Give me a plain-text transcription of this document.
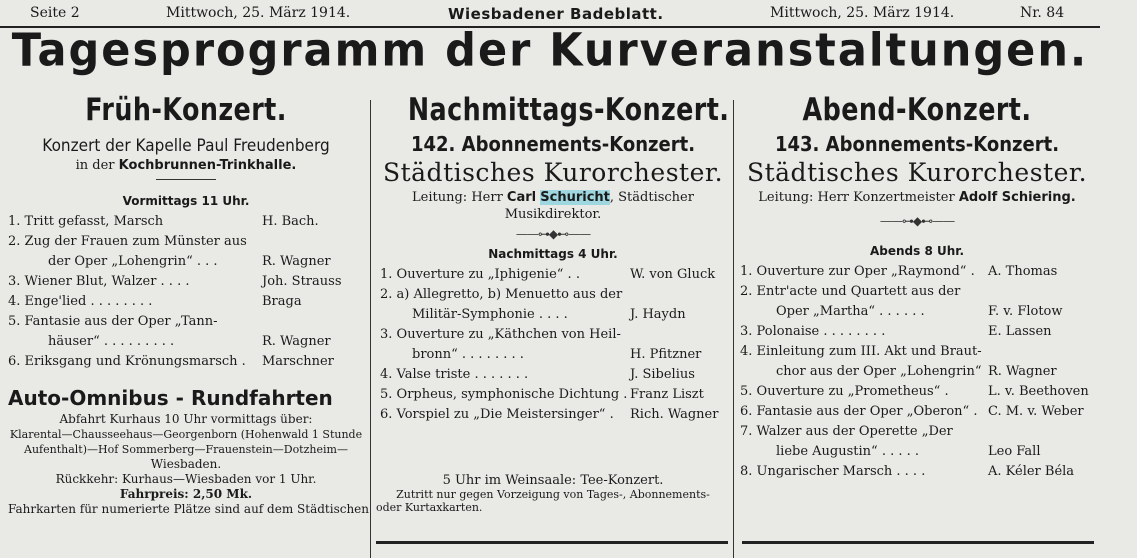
Seite 2	Mittwoch, 25. März 1914.	Wiesbadener Badeblatt.	Mittwoch, 25. März 1914.	Nr. 84
Tagesprogramm der Kurveranstaltungen.
Früh-Konzert.
Konzert der Kapelle Paul Freudenberg
in der Kochbrunnen-Trinkhalle.
Vormittags 11 Uhr.
1. Tritt gefasst, Marsch	H. Bach.
2. Zug der Frauen zum Münster aus
der Oper „Lohengrin“ . . .	R. Wagner
3. Wiener Blut, Walzer . . . .	Joh. Strauss
4. Enge'lied . . . . . . . .	Braga
5. Fantasie aus der Oper „Tann-
häuser“ . . . . . . . . .	R. Wagner
6. Eriksgang und Krönungsmarsch . Marschner
Auto-Omnibus - Rundfahrten
Abfahrt Kurhaus 10 Uhr vormittags über:
Klarental—Chausseehaus—Georgenborn (Hohenwald 1 Stunde
Aufenthalt)—Hof Sommerberg—Frauenstein—Dotzheim—
Wiesbaden.
Rückkehr: Kurhaus—Wiesbaden vor 1 Uhr.
Fahrpreis: 2,50 Mk.
Fahrkarten für numerierte Plätze sind auf dem Städtischen
Nachmittags-Konzert.
142. Abonnements-Konzert.
Städtisches Kurorchester.
Leitung: Herr Carl Schuricht, Städtischer
Musikdirektor.
——⊶◆⊷——
Nachmittags 4 Uhr.
1. Ouverture zu „Iphigenie“ . .	W. von Gluck
2. a) Allegretto, b) Menuetto aus der
Militär-Symphonie . . . .	J. Haydn
3. Ouverture zu „Käthchen von Heil-
bronn“ . . . . . . . .	H. Pfitzner
4. Valse triste . . . . . . .	J. Sibelius
5. Orpheus, symphonische Dichtung . Franz Liszt
6. Vorspiel zu „Die Meistersinger“ . Rich. Wagner
5 Uhr im Weinsaale: Tee-Konzert.
Zutritt nur gegen Vorzeigung von Tages-, Abonnements-
oder Kurtaxkarten.
Abend-Konzert.
143. Abonnements-Konzert.
Städtisches Kurorchester.
Leitung: Herr Konzertmeister Adolf Schiering.
——⊶◆⊷——
Abends 8 Uhr.
1. Ouverture zur Oper „Raymond“ . A. Thomas
2. Entr'acte und Quartett aus der
Oper „Martha“ . . . . . .	F. v. Flotow
3. Polonaise . . . . . . . .	E. Lassen
4. Einleitung zum III. Akt und Braut-
chor aus der Oper „Lohengrin“ R. Wagner
5. Ouverture zu „Prometheus“ .	L. v. Beethoven
6. Fantasie aus der Oper „Oberon“ . C. M. v. Weber
7. Walzer aus der Operette „Der
liebe Augustin“ . . . . .	Leo Fall
8. Ungarischer Marsch . . . .	A. Kéler Béla
